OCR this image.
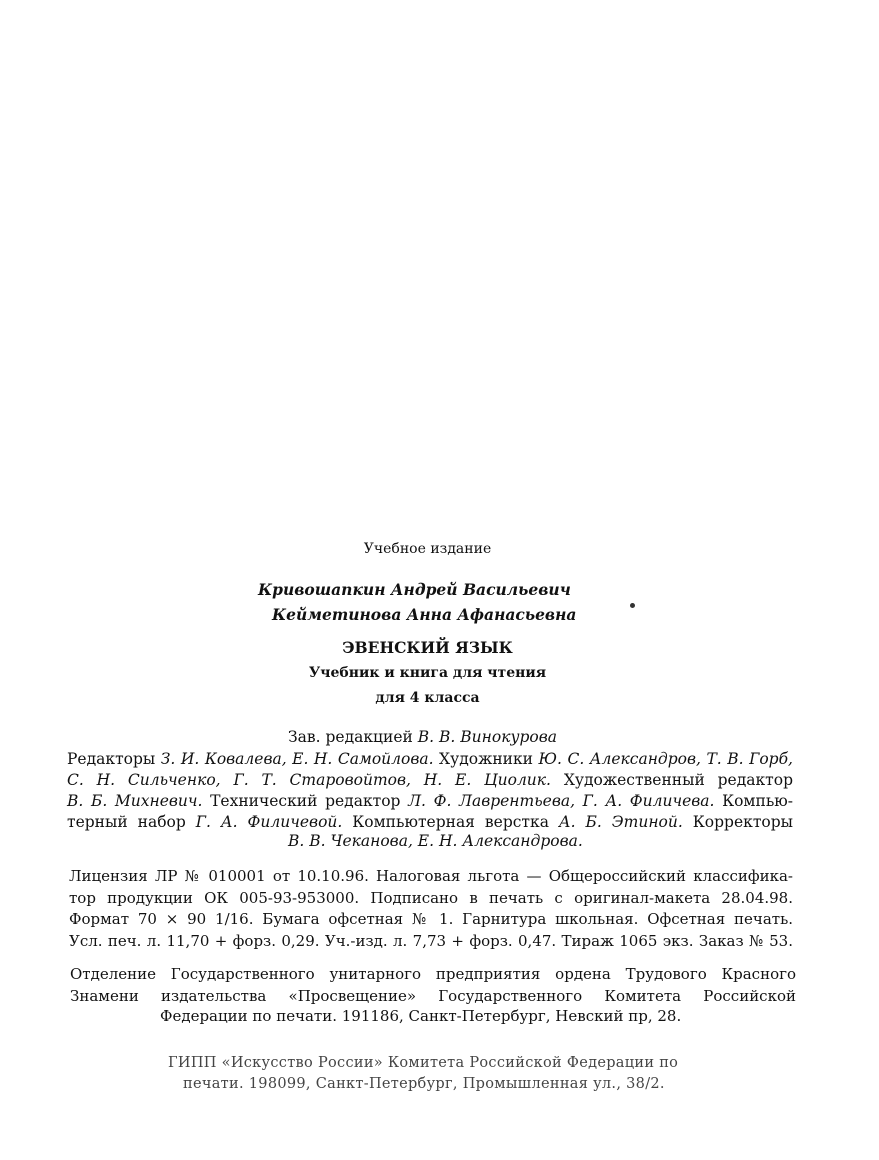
Учебное издание
Кривошапкин Андрей Васильевич
Кейметинова Анна Афанасьевна
ЭВЕНСКИЙ ЯЗЫК
Учебник и книга для чтения
для 4 класса
Зав. редакцией В. В. Винокурова
Редакторы З. И. Ковалева, Е. Н. Самойлова. Художники Ю. С. Александров, Т. В. Горб,
С. Н. Сильченко, Г. Т. Старовойтов, Н. Е. Циолик. Художественный редактор
В. Б. Михневич. Технический редактор Л. Ф. Лаврентьева, Г. А. Филичева. Компью-
терный набор Г. А. Филичевой. Компьютерная верстка А. Б. Этиной. Корректоры
В. В. Чеканова, Е. Н. Александрова.
Лицензия ЛР № 010001 от 10.10.96. Налоговая льгота — Общероссийский классифика-
тор продукции ОК 005-93-953000. Подписано в печать с оригинал-макета 28.04.98.
Формат 70 × 90 1/16. Бумага офсетная № 1. Гарнитура школьная. Офсетная печать.
Усл. печ. л. 11,70 + форз. 0,29. Уч.-изд. л. 7,73 + форз. 0,47. Тираж 1065 экз. Заказ № 53.
Отделение Государственного унитарного предприятия ордена Трудового Красного
Знамени издательства «Просвещение» Государственного Комитета Российской
Федерации по печати. 191186, Санкт-Петербург, Невский пр, 28.
ГИПП «Искусство России» Комитета Российской Федерации по
печати. 198099, Санкт-Петербург, Промышленная ул., 38/2.
